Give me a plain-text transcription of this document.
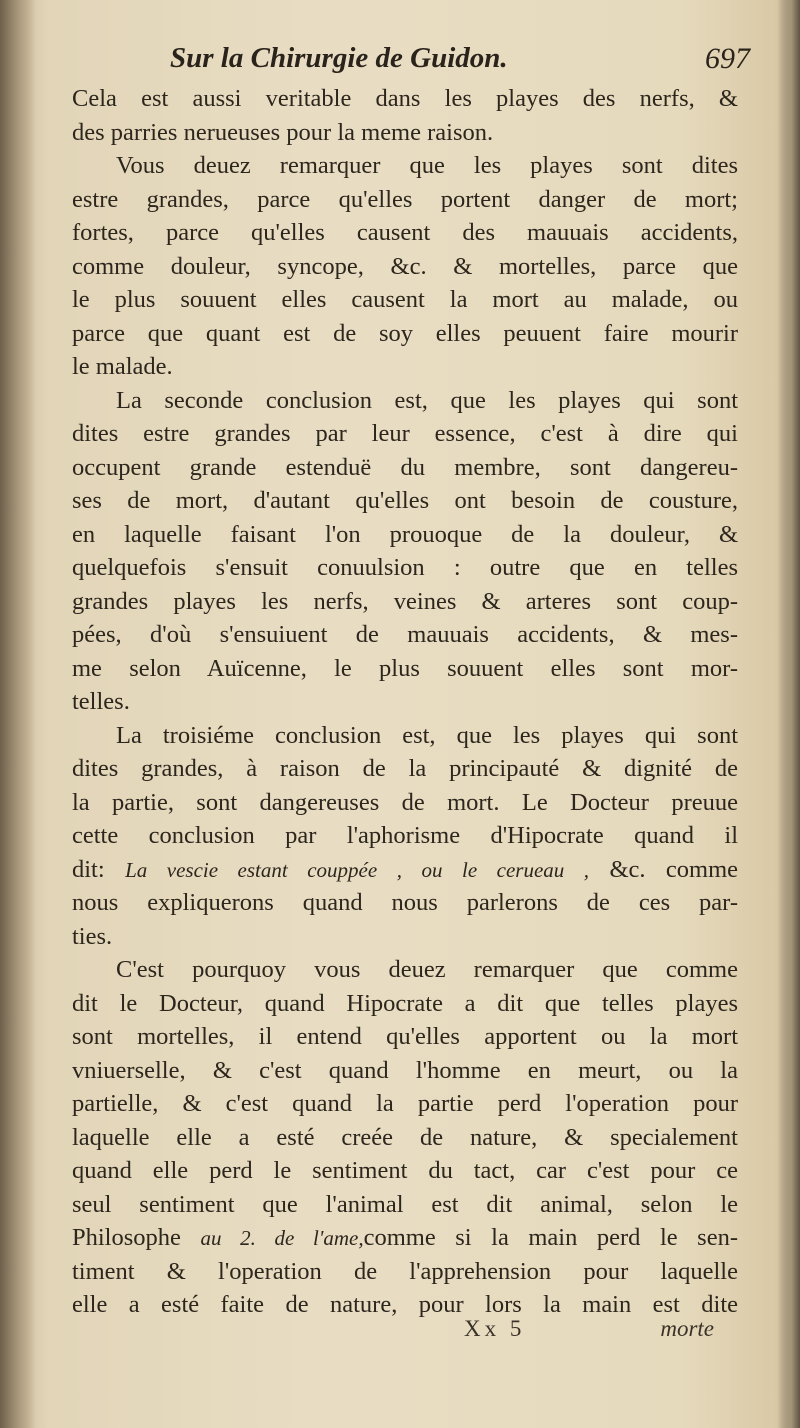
Sur la Chirurgie de Guidon.	697
Cela est aussi veritable dans les playes des nerfs, &
des parries nerueuses pour la meme raison.
Vous deuez remarquer que les playes sont dites
estre grandes, parce qu'elles portent danger de mort;
fortes, parce qu'elles causent des mauuais accidents,
comme douleur, syncope, &c. & mortelles, parce que
le plus souuent elles causent la mort au malade, ou
parce que quant est de soy elles peuuent faire mourir
le malade.
La seconde conclusion est, que les playes qui sont
dites estre grandes par leur essence, c'est à dire qui
occupent grande estenduë du membre, sont dangereu-
ses de mort, d'autant qu'elles ont besoin de cousture,
en laquelle faisant l'on prouoque de la douleur, &
quelquefois s'ensuit conuulsion : outre que en telles
grandes playes les nerfs, veines & arteres sont coup-
pées, d'où s'ensuiuent de mauuais accidents, & mes-
me selon Auïcenne, le plus souuent elles sont mor-
telles.
La troisiéme conclusion est, que les playes qui sont
dites grandes, à raison de la principauté & dignité de
la partie, sont dangereuses de mort. Le Docteur preuue
cette conclusion par l'aphorisme d'Hipocrate quand il
dit: La vescie estant couppée , ou le cerueau , &c. comme
nous expliquerons quand nous parlerons de ces par-
ties.
C'est pourquoy vous deuez remarquer que comme
dit le Docteur, quand Hipocrate a dit que telles playes
sont mortelles, il entend qu'elles apportent ou la mort
vniuerselle, & c'est quand l'homme en meurt, ou la
partielle, & c'est quand la partie perd l'operation pour
laquelle elle a esté creée de nature, & specialement
quand elle perd le sentiment du tact, car c'est pour ce
seul sentiment que l'animal est dit animal, selon le
Philosophe au 2. de l'ame,comme si la main perd le sen-
timent & l'operation de l'apprehension pour laquelle
elle a esté faite de nature, pour lors la main est dite
Xx 5	morte
